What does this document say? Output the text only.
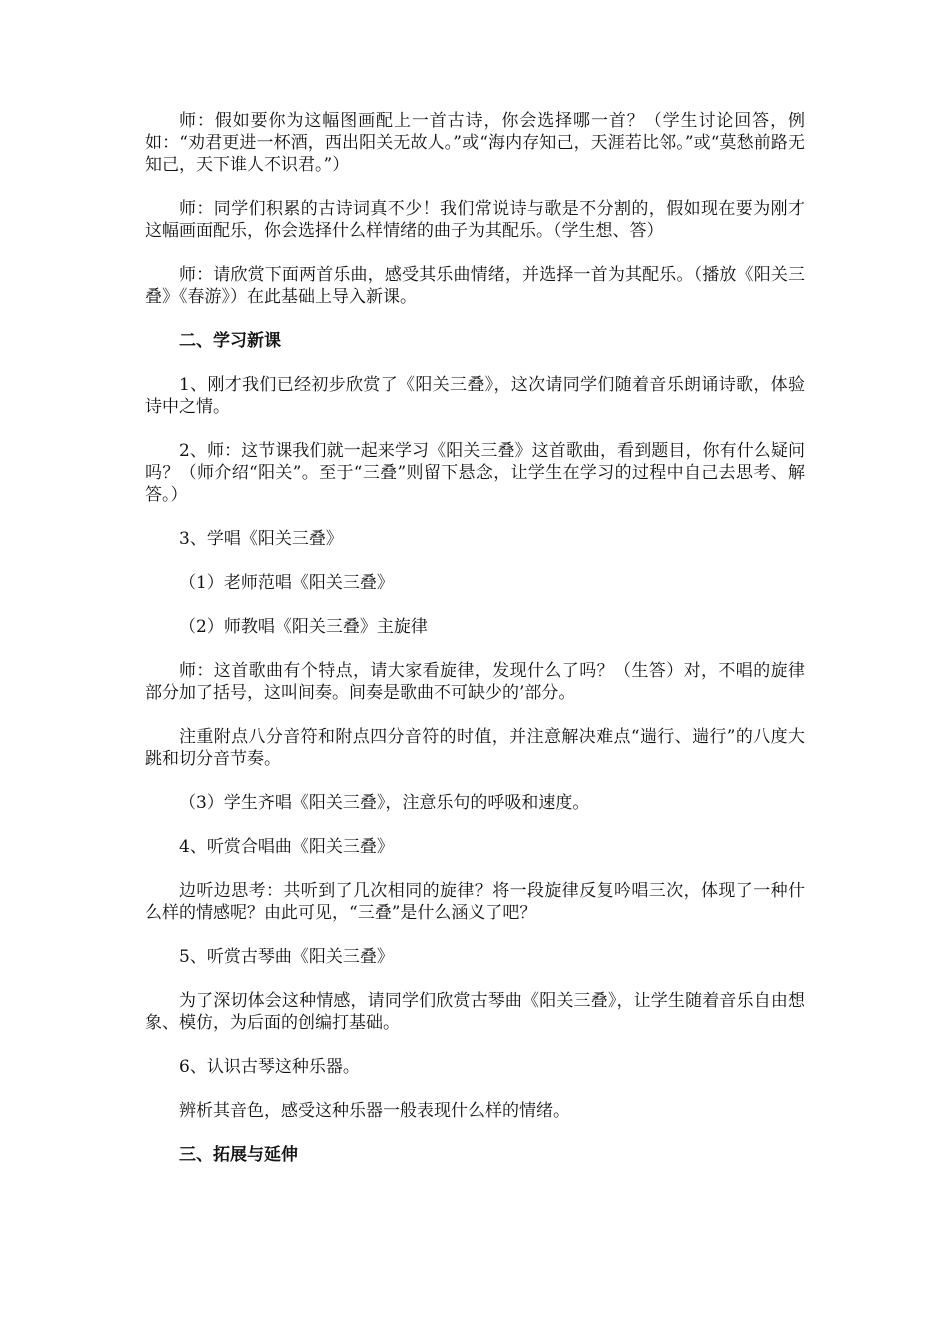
师：假如要你为这幅图画配上一首古诗，你会选择哪一首？（学生讨论回答，例如：“劝君更进一杯酒，西出阳关无故人。”或“海内存知己，天涯若比邻。”或“莫愁前路无知己，天下谁人不识君。”）

师：同学们积累的古诗词真不少！我们常说诗与歌是不分割的，假如现在要为刚才这幅画面配乐，你会选择什么样情绪的曲子为其配乐。（学生想、答）

师：请欣赏下面两首乐曲，感受其乐曲情绪，并选择一首为其配乐。（播放《阳关三叠》《春游》）在此基础上导入新课。

二、学习新课

1、刚才我们已经初步欣赏了《阳关三叠》，这次请同学们随着音乐朗诵诗歌，体验诗中之情。

2、师：这节课我们就一起来学习《阳关三叠》这首歌曲，看到题目，你有什么疑问吗？（师介绍“阳关”。至于“三叠”则留下悬念，让学生在学习的过程中自己去思考、解答。）

3、学唱《阳关三叠》

（1）老师范唱《阳关三叠》

（2）师教唱《阳关三叠》主旋律

师：这首歌曲有个特点，请大家看旋律，发现什么了吗？（生答）对，不唱的旋律部分加了括号，这叫间奏。间奏是歌曲不可缺少的’部分。

注重附点八分音符和附点四分音符的时值，并注意解决难点“遄行、遄行”的八度大跳和切分音节奏。

（3）学生齐唱《阳关三叠》，注意乐句的呼吸和速度。

4、听赏合唱曲《阳关三叠》

边听边思考：共听到了几次相同的旋律？将一段旋律反复吟唱三次，体现了一种什么样的情感呢？由此可见，“三叠”是什么涵义了吧？

5、听赏古琴曲《阳关三叠》

为了深切体会这种情感，请同学们欣赏古琴曲《阳关三叠》，让学生随着音乐自由想象、模仿，为后面的创编打基础。

6、认识古琴这种乐器。

辨析其音色，感受这种乐器一般表现什么样的情绪。

三、拓展与延伸
